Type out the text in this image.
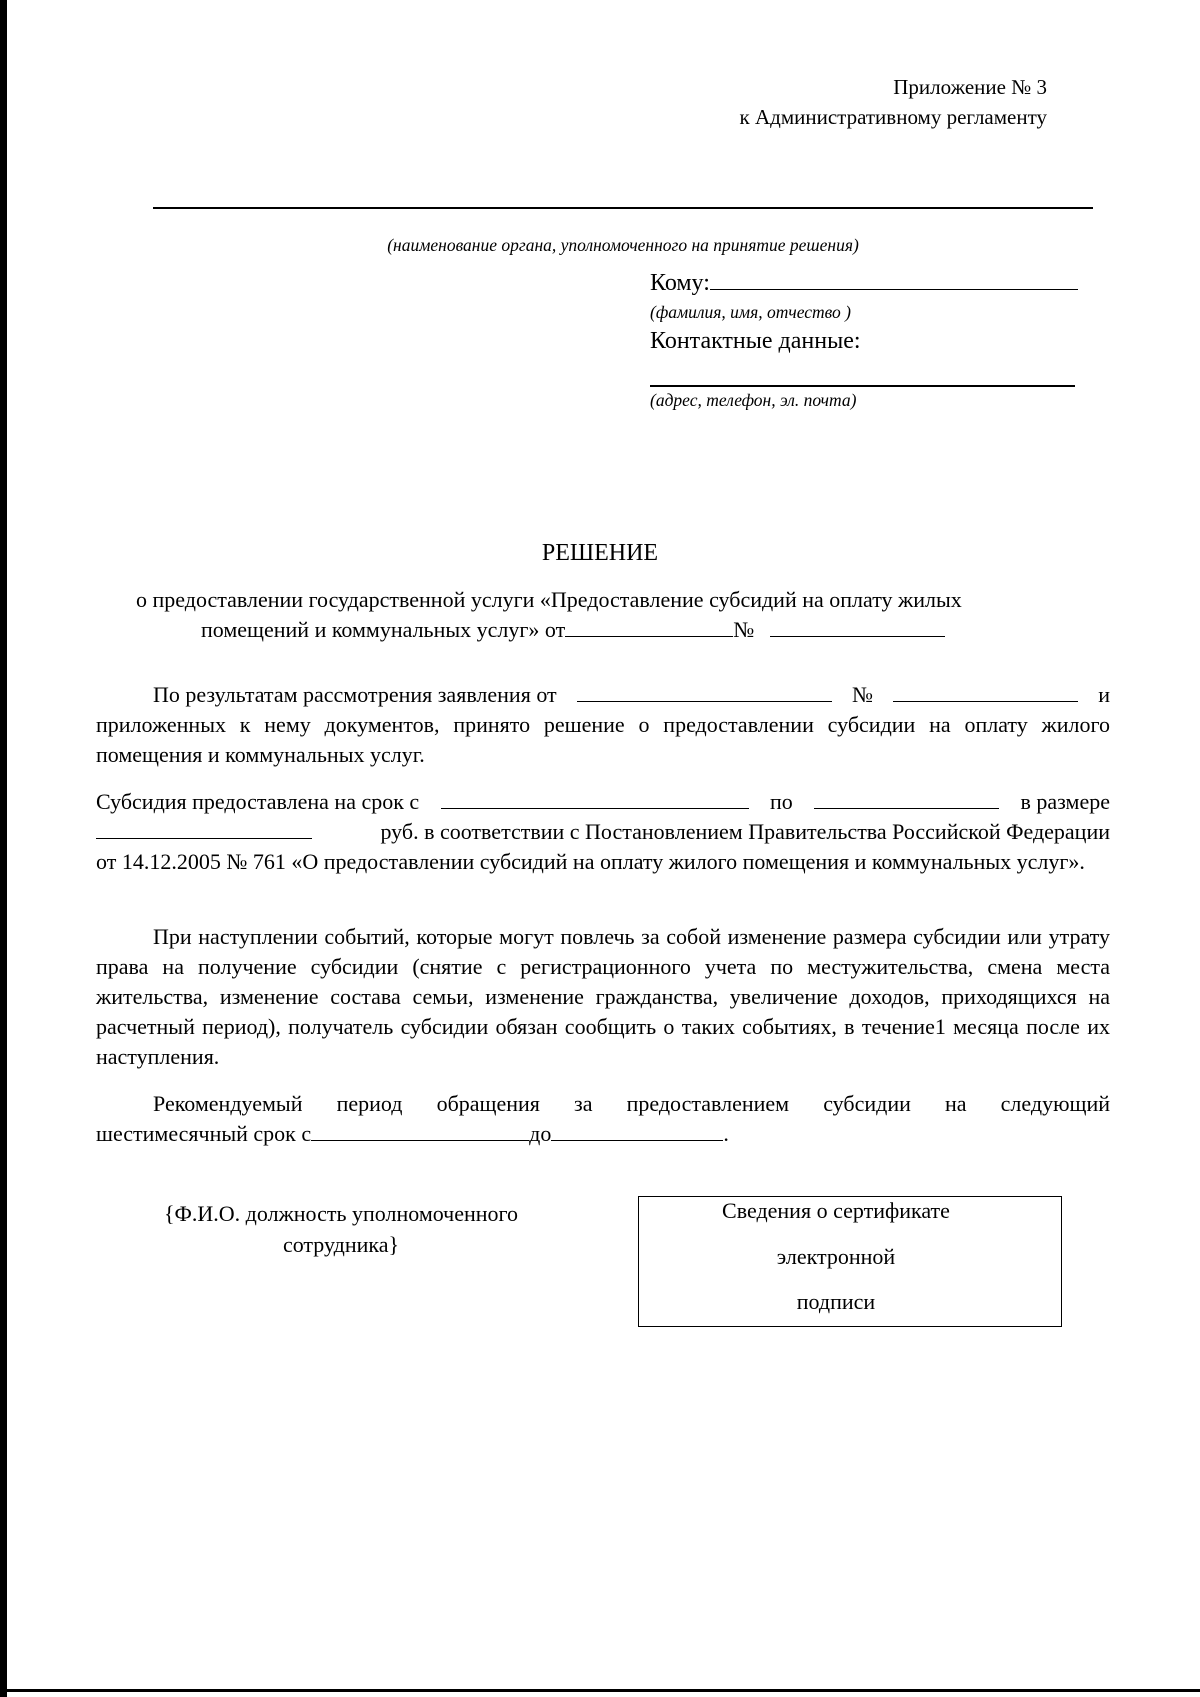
Приложение № 3
к Административному регламенту
(наименование органа, уполномоченного на принятие решения)
Кому:
(фамилия, имя, отчество )
Контактные данные:
(адрес, телефон, эл. почта)
РЕШЕНИЕ
о предоставлении государственной услуги «Предоставление субсидий на оплату жилых
помещений и коммунальных услуг» от	№
По результатам рассмотрения заявления от	№	и
приложенных к нему документов, принято решение о предоставлении субсидии на оплату жилого помещения и коммунальных услуг.
Субсидия предоставлена на срок с	по	в размере
руб. в соответствии с Постановлением Правительства Российской Федерации
от 14.12.2005 № 761 «О предоставлении субсидий на оплату жилого помещения и коммунальных услуг».
При наступлении событий, которые могут повлечь за собой изменение размера субсидии или утрату права на получение субсидии (снятие с регистрационного учета по местужительства, смена места жительства, изменение состава семьи, изменение гражданства, увеличение доходов, приходящихся на расчетный период), получатель субсидии обязан сообщить о таких событиях, в течение1 месяца после их наступления.
Рекомендуемый период обращения за предоставлением субсидии на следующий
шестимесячный срок с	до	.
{Ф.И.О. должность уполномоченного
сотрудника}
Сведения о сертификате
электронной
подписи
